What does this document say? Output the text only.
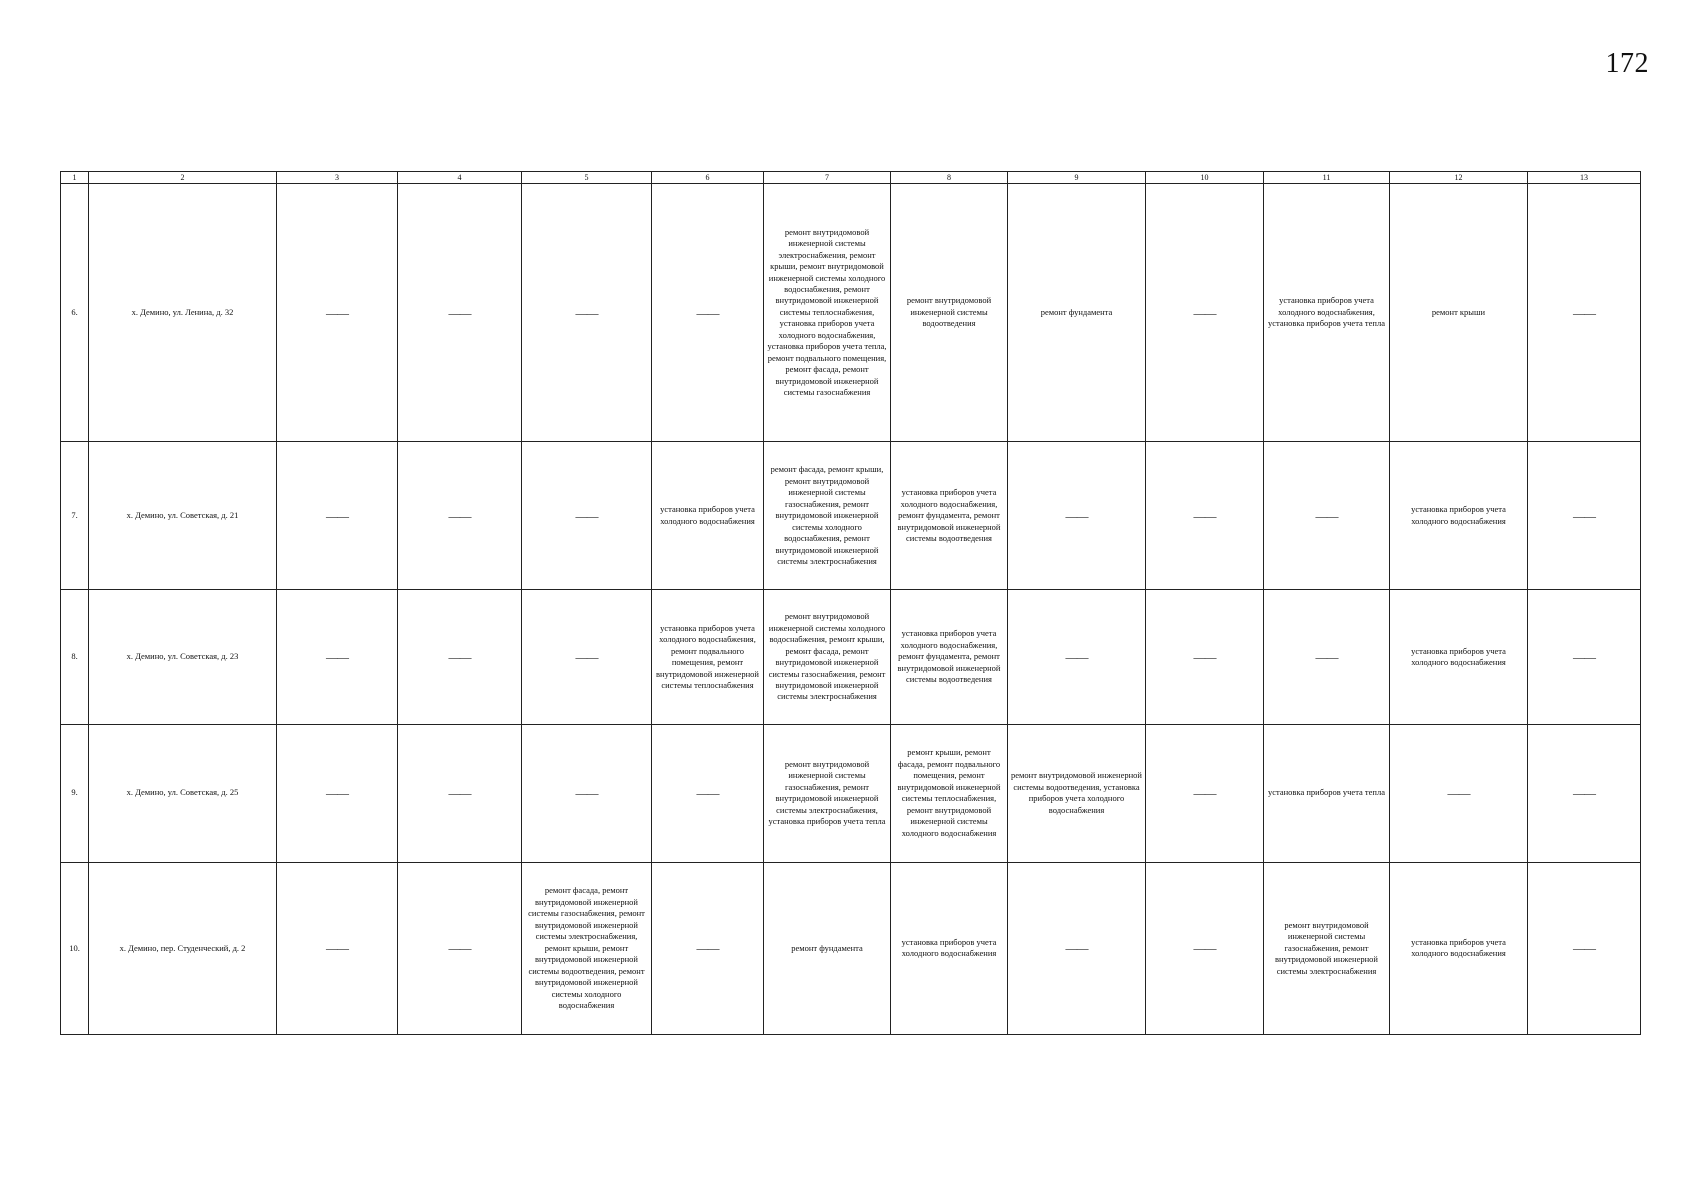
172
1	2	3	4	5	6	7	8	9	10	11	12	13
6.	х. Демино, ул. Ленина, д. 32	——	——	——	——	ремонт внутридомовой инженерной системы электроснабжения, ремонт крыши, ремонт внутридомовой инженерной системы холодного водоснабжения, ремонт внутридомовой инженерной системы теплоснабжения, установка приборов учета холодного водоснабжения, установка приборов учета тепла, ремонт подвального помещения, ремонт фасада, ремонт внутридомовой инженерной системы газоснабжения	ремонт внутридомовой инженерной системы водоотведения	ремонт фундамента	——	установка приборов учета холодного водоснабжения, установка приборов учета тепла	ремонт крыши	——
7.	х. Демино, ул. Советская, д. 21	——	——	——	установка приборов учета холодного водоснабжения	ремонт фасада, ремонт крыши, ремонт внутридомовой инженерной системы газоснабжения, ремонт внутридомовой инженерной системы холодного водоснабжения, ремонт внутридомовой инженерной системы электроснабжения	установка приборов учета холодного водоснабжения, ремонт фундамента, ремонт внутридомовой инженерной системы водоотведения	——	——	——	установка приборов учета холодного водоснабжения	——
8.	х. Демино, ул. Советская, д. 23	——	——	——	установка приборов учета холодного водоснабжения, ремонт подвального помещения, ремонт внутридомовой инженерной системы теплоснабжения	ремонт внутридомовой инженерной системы холодного водоснабжения, ремонт крыши, ремонт фасада, ремонт внутридомовой инженерной системы газоснабжения, ремонт внутридомовой инженерной системы электроснабжения	установка приборов учета холодного водоснабжения, ремонт фундамента, ремонт внутридомовой инженерной системы водоотведения	——	——	——	установка приборов учета холодного водоснабжения	——
9.	х. Демино, ул. Советская, д. 25	——	——	——	——	ремонт внутридомовой инженерной системы газоснабжения, ремонт внутридомовой инженерной системы электроснабжения, установка приборов учета тепла	ремонт крыши, ремонт фасада, ремонт подвального помещения, ремонт внутридомовой инженерной системы теплоснабжения, ремонт внутридомовой инженерной системы холодного водоснабжения	ремонт внутридомовой инженерной системы водоотведения, установка приборов учета холодного водоснабжения	——	установка приборов учета тепла	——	——
10.	х. Демино, пер. Студенческий, д. 2	——	——	ремонт фасада, ремонт внутридомовой инженерной системы газоснабжения, ремонт внутридомовой инженерной системы электроснабжения, ремонт крыши, ремонт внутридомовой инженерной системы водоотведения, ремонт внутридомовой инженерной системы холодного водоснабжения	——	ремонт фундамента	установка приборов учета холодного водоснабжения	——	——	ремонт внутридомовой инженерной системы газоснабжения, ремонт внутридомовой инженерной системы электроснабжения	установка приборов учета холодного водоснабжения	——
